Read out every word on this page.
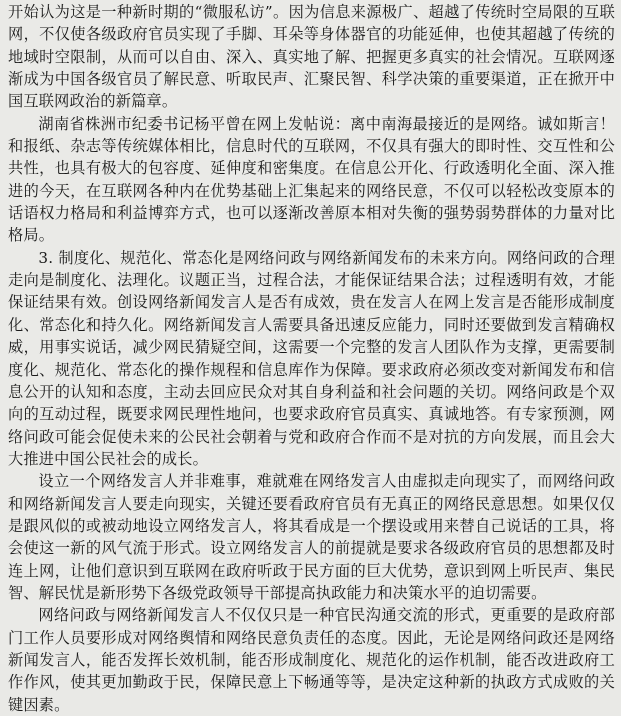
开始认为这是一种新时期的“微服私访”。因为信息来源极广、超越了传统时空局限的互联网，不仅使各级政府官员实现了手脚、耳朵等身体器官的功能延伸，也使其超越了传统的地域时空限制，从而可以自由、深入、真实地了解、把握更多真实的社会情况。互联网逐渐成为中国各级官员了解民意、听取民声、汇聚民智、科学决策的重要渠道，正在掀开中国互联网政治的新篇章。

湖南省株洲市纪委书记杨平曾在网上发帖说：离中南海最接近的是网络。诚如斯言！和报纸、杂志等传统媒体相比，信息时代的互联网，不仅具有强大的即时性、交互性和公共性，也具有极大的包容度、延伸度和密集度。在信息公开化、行政透明化全面、深入推进的今天，在互联网各种内在优势基础上汇集起来的网络民意，不仅可以轻松改变原本的话语权力格局和利益博弈方式，也可以逐渐改善原本相对失衡的强势弱势群体的力量对比格局。

3. 制度化、规范化、常态化是网络问政与网络新闻发布的未来方向。网络问政的合理走向是制度化、法理化。议题正当，过程合法，才能保证结果合法；过程透明有效，才能保证结果有效。创设网络新闻发言人是否有成效，贵在发言人在网上发言是否能形成制度化、常态化和持久化。网络新闻发言人需要具备迅速反应能力，同时还要做到发言精确权威，用事实说话，减少网民猜疑空间，这需要一个完整的发言人团队作为支撑，更需要制度化、规范化、常态化的操作规程和信息库作为保障。要求政府必须改变对新闻发布和信息公开的认知和态度，主动去回应民众对其自身利益和社会问题的关切。网络问政是个双向的互动过程，既要求网民理性地问，也要求政府官员真实、真诚地答。有专家预测，网络问政可能会促使未来的公民社会朝着与党和政府合作而不是对抗的方向发展，而且会大大推进中国公民社会的成长。

设立一个网络发言人并非难事，难就难在网络发言人由虚拟走向现实了，而网络问政和网络新闻发言人要走向现实，关键还要看政府官员有无真正的网络民意思想。如果仅仅是跟风似的或被动地设立网络发言人，将其看成是一个摆设或用来替自己说话的工具，将会使这一新的风气流于形式。设立网络发言人的前提就是要求各级政府官员的思想都及时连上网，让他们意识到互联网在政府听政于民方面的巨大优势，意识到网上听民声、集民智、解民忧是新形势下各级党政领导干部提高执政能力和决策水平的迫切需要。

网络问政与网络新闻发言人不仅仅只是一种官民沟通交流的形式，更重要的是政府部门工作人员要形成对网络舆情和网络民意负责任的态度。因此，无论是网络问政还是网络新闻发言人，能否发挥长效机制，能否形成制度化、规范化的运作机制，能否改进政府工作作风，使其更加勤政于民，保障民意上下畅通等等，是决定这种新的执政方式成败的关键因素。
